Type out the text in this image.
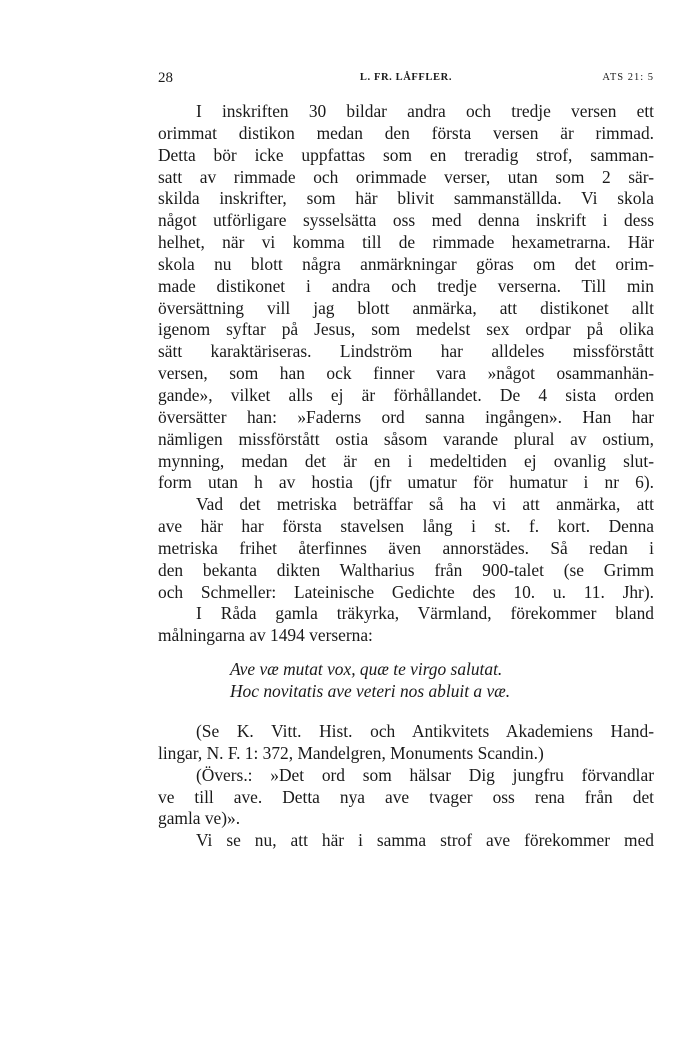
28	L. FR. LÅFFLER.	ATS 21: 5
I inskriften 30 bildar andra och tredje versen ett
orimmat distikon medan den första versen är rimmad.
Detta bör icke uppfattas som en treradig strof, samman-
satt av rimmade och orimmade verser, utan som 2 sär-
skilda inskrifter, som här blivit sammanställda. Vi skola
något utförligare sysselsätta oss med denna inskrift i dess
helhet, när vi komma till de rimmade hexametrarna. Här
skola nu blott några anmärkningar göras om det orim-
made distikonet i andra och tredje verserna. Till min
översättning vill jag blott anmärka, att distikonet allt
igenom syftar på Jesus, som medelst sex ordpar på olika
sätt karaktäriseras. Lindström har alldeles missförstått
versen, som han ock finner vara »något osammanhän-
gande», vilket alls ej är förhållandet. De 4 sista orden
översätter han: »Faderns ord sanna ingången». Han har
nämligen missförstått ostia såsom varande plural av ostium,
mynning, medan det är en i medeltiden ej ovanlig slut-
form utan h av hostia (jfr umatur för humatur i nr 6).
Vad det metriska beträffar så ha vi att anmärka, att
ave här har första stavelsen lång i st. f. kort. Denna
metriska frihet återfinnes även annorstädes. Så redan i
den bekanta dikten Waltharius från 900-talet (se Grimm
och Schmeller: Lateinische Gedichte des 10. u. 11. Jhr).
I Råda gamla träkyrka, Värmland, förekommer bland
målningarna av 1494 verserna:
Ave væ mutat vox, quæ te virgo salutat.
Hoc novitatis ave veteri nos abluit a væ.
(Se K. Vitt. Hist. och Antikvitets Akademiens Hand-
lingar, N. F. 1: 372, Mandelgren, Monuments Scandin.)
(Övers.: »Det ord som hälsar Dig jungfru förvandlar
ve till ave. Detta nya ave tvager oss rena från det
gamla ve)».
Vi se nu, att här i samma strof ave förekommer med
